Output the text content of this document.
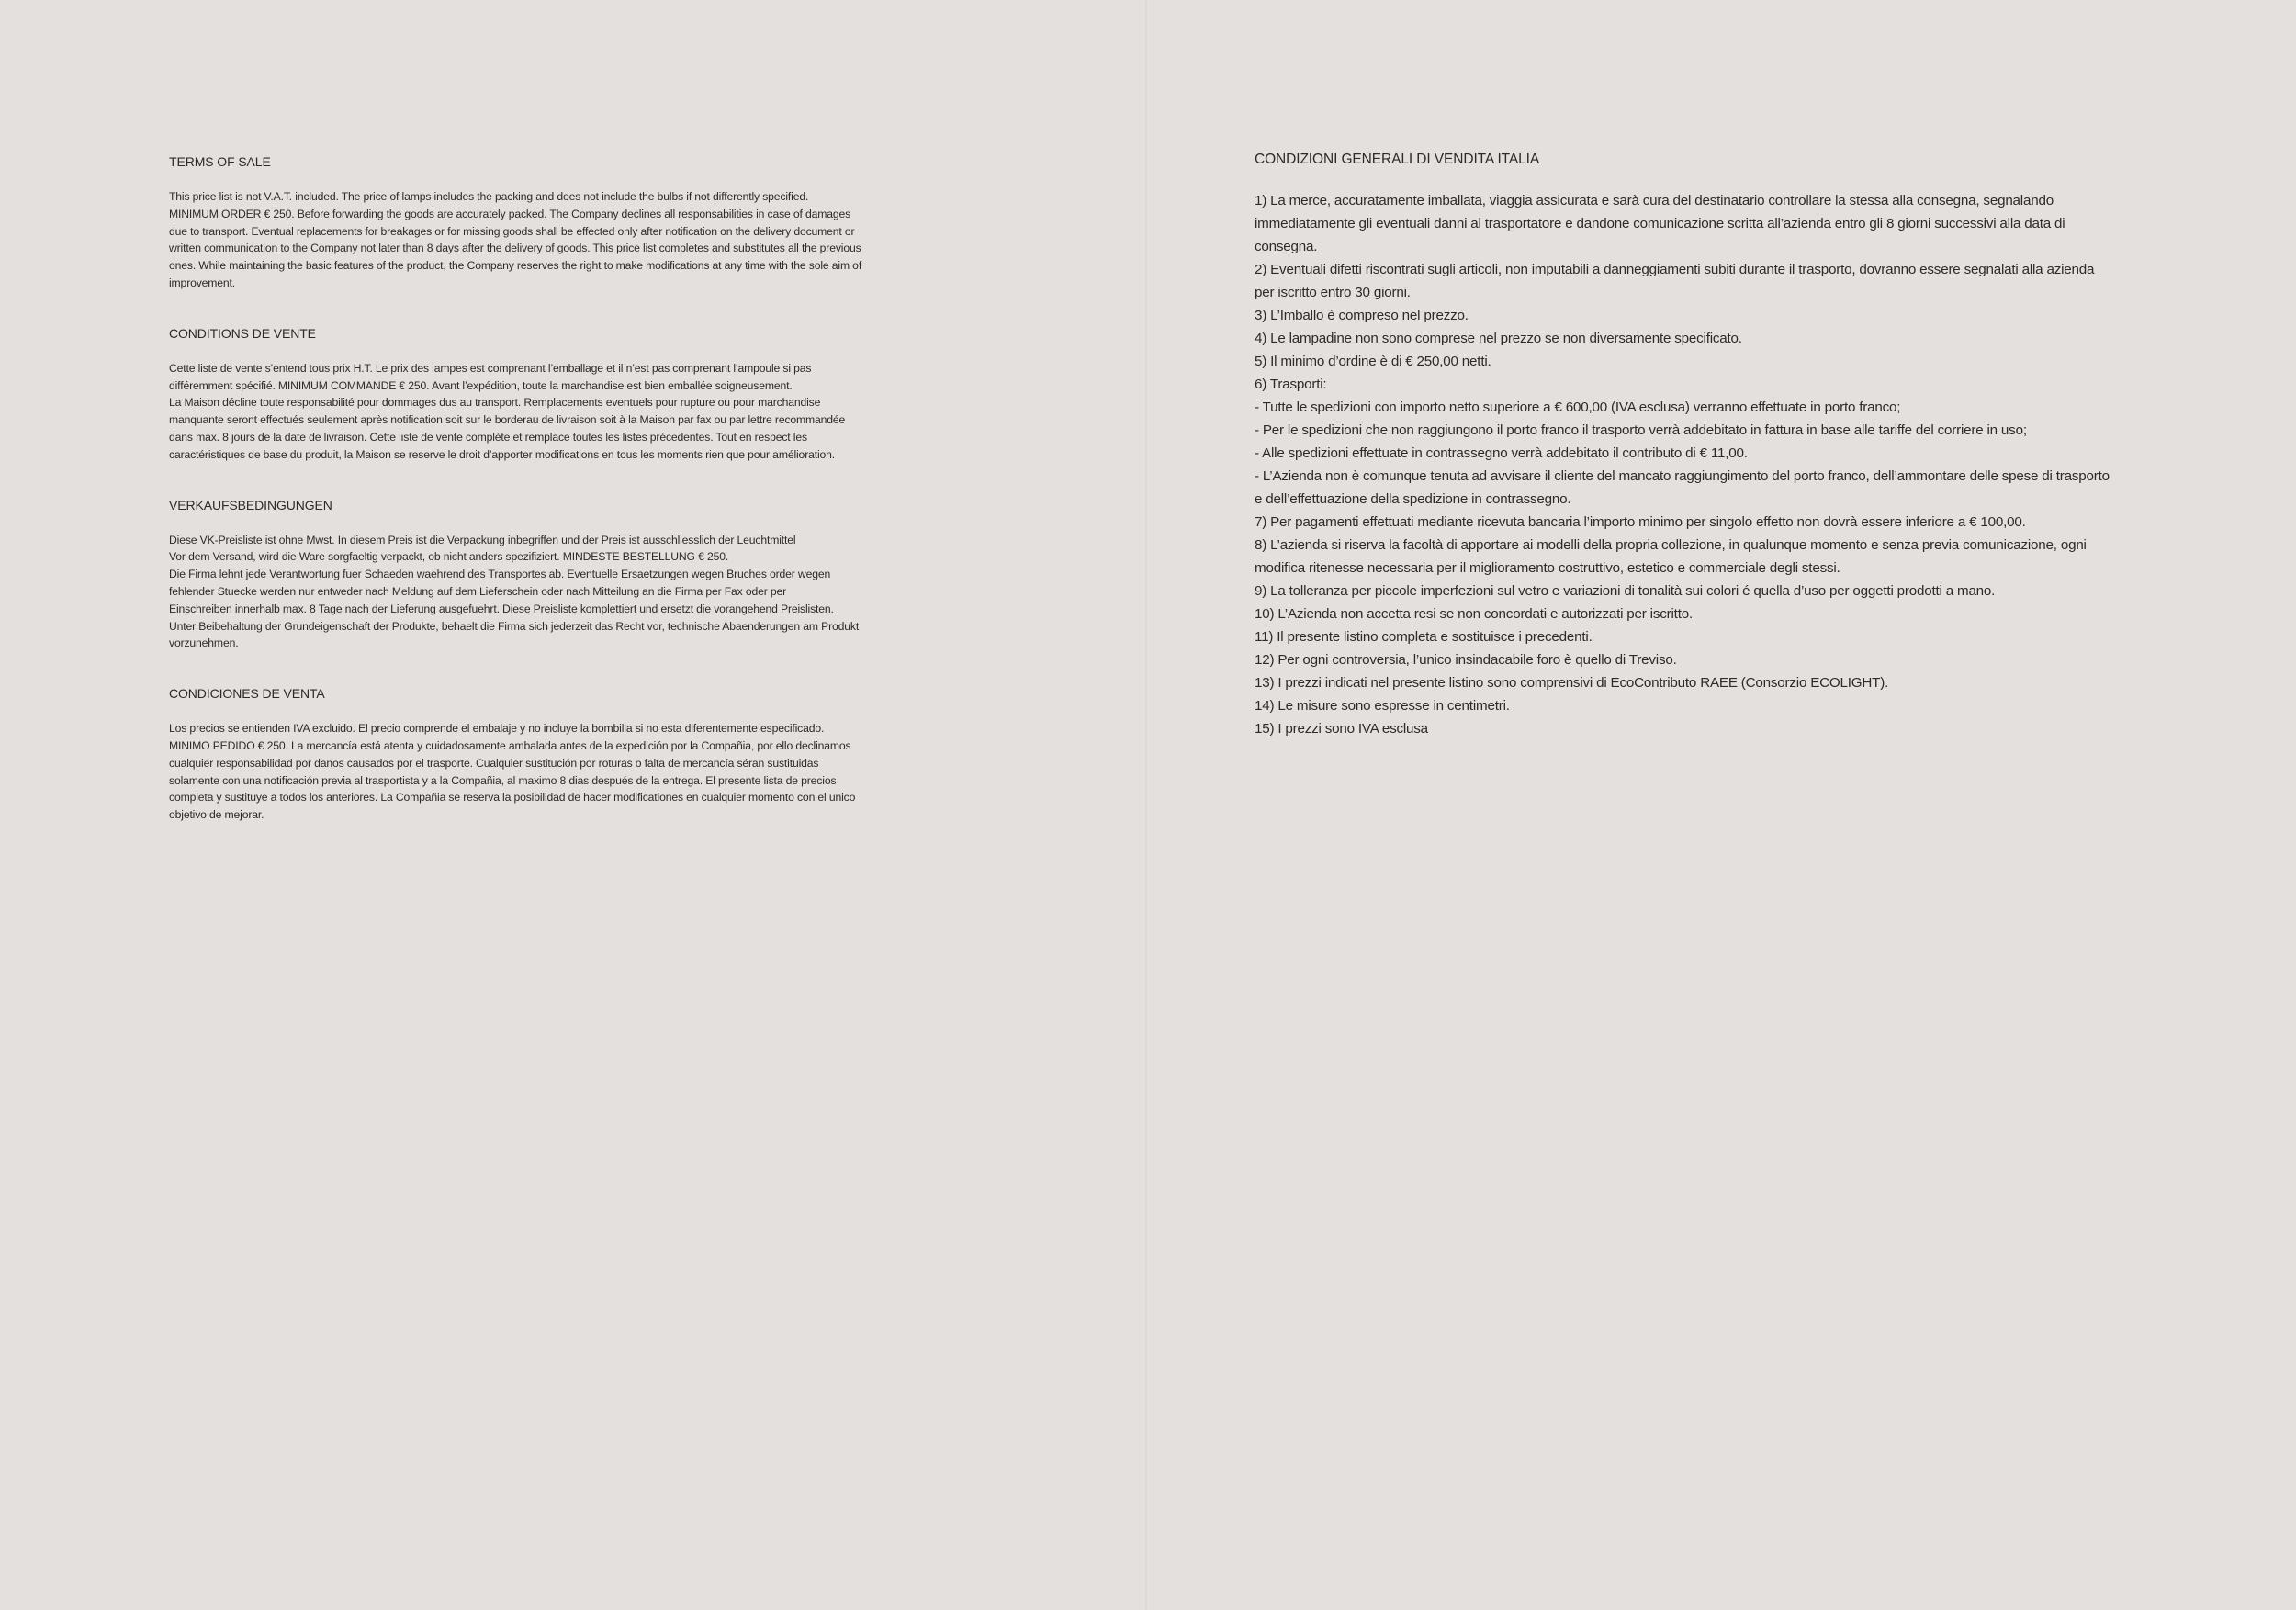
TERMS OF SALE
This price list is not V.A.T. included. The price of lamps includes the packing and does not include the bulbs if not differently specified.
MINIMUM ORDER € 250. Before forwarding the goods are accurately packed. The Company declines all responsabilities in case of damages
due to transport. Eventual replacements for breakages or for missing goods shall be effected only after notification on the delivery document or
written communication to the Company not later than 8 days after the delivery of goods. This price list completes and substitutes all the previous
ones. While maintaining the basic features of the product, the Company reserves the right to make modifications at any time with the sole aim of
improvement.
CONDITIONS DE VENTE
Cette liste de vente s’entend tous prix H.T. Le prix des lampes est comprenant l’emballage et il n’est pas comprenant l’ampoule si pas
différemment spécifié. MINIMUM COMMANDE € 250. Avant l’expédition, toute la marchandise est bien emballée soigneusement.
La Maison décline toute responsabilité pour dommages dus au transport. Remplacements eventuels pour rupture ou pour marchandise
manquante seront effectués seulement après notification soit sur le borderau de livraison soit à la Maison par fax ou par lettre recommandée
dans max. 8 jours de la date de livraison. Cette liste de vente complète et remplace toutes les listes précedentes. Tout en respect les
caractéristiques de base du produit, la Maison se reserve le droit d’apporter modifications en tous les moments rien que pour amélioration.
VERKAUFSBEDINGUNGEN
Diese VK-Preisliste ist ohne Mwst. In diesem Preis ist die Verpackung inbegriffen und der Preis ist ausschliesslich der Leuchtmittel
Vor dem Versand, wird die Ware sorgfaeltig verpackt, ob nicht anders spezifiziert. MINDESTE BESTELLUNG € 250.
Die Firma lehnt jede Verantwortung fuer Schaeden waehrend des Transportes ab. Eventuelle Ersaetzungen wegen Bruches order wegen
fehlender Stuecke werden nur entweder nach Meldung auf dem Lieferschein oder nach Mitteilung an die Firma per Fax oder per
Einschreiben innerhalb max. 8 Tage nach der Lieferung ausgefuehrt. Diese Preisliste komplettiert und ersetzt die vorangehend Preislisten.
Unter Beibehaltung der Grundeigenschaft der Produkte, behaelt die Firma sich jederzeit das Recht vor, technische Abaenderungen am Produkt
vorzunehmen.
CONDICIONES DE VENTA
Los precios se entienden IVA excluido. El precio comprende el embalaje y no incluye la bombilla si no esta diferentemente especificado.
MINIMO PEDIDO € 250. La mercancía está atenta y cuidadosamente ambalada antes de la expedición por la Compañia, por ello declinamos
cualquier responsabilidad por danos causados por el trasporte. Cualquier sustitución por roturas o falta de mercancía séran sustituidas
solamente con una notificación previa al trasportista y a la Compañia, al maximo 8 dias después de la entrega. El presente lista de precios
completa y sustituye a todos los anteriores. La Compañia se reserva la posibilidad de hacer modificationes en cualquier momento con el unico
objetivo de mejorar.
CONDIZIONI GENERALI DI VENDITA ITALIA
1) La merce, accuratamente imballata, viaggia assicurata e sarà cura del destinatario controllare la stessa alla consegna, segnalando
immediatamente gli eventuali danni al trasportatore e dandone comunicazione scritta all’azienda entro gli 8 giorni successivi alla data di
consegna.
2) Eventuali difetti riscontrati sugli articoli, non imputabili a danneggiamenti subiti durante il trasporto, dovranno essere segnalati alla azienda
per iscritto entro 30 giorni.
3) L’Imballo è compreso nel prezzo.
4) Le lampadine non sono comprese nel prezzo se non diversamente specificato.
5) Il minimo d’ordine è di € 250,00 netti.
6) Trasporti:
- Tutte le spedizioni con importo netto superiore a € 600,00 (IVA esclusa) verranno effettuate in porto franco;
- Per le spedizioni che non raggiungono il porto franco il trasporto verrà addebitato in fattura in base alle tariffe del corriere in uso;
- Alle spedizioni effettuate in contrassegno verrà addebitato il contributo di € 11,00.
- L’Azienda non è comunque tenuta ad avvisare il cliente del mancato raggiungimento del porto franco, dell’ammontare delle spese di trasporto
e dell’effettuazione della spedizione in contrassegno.
7) Per pagamenti effettuati mediante ricevuta bancaria l’importo minimo per singolo effetto non dovrà essere inferiore a € 100,00.
8) L’azienda si riserva la facoltà di apportare ai modelli della propria collezione, in qualunque momento e senza previa comunicazione, ogni
modifica ritenesse necessaria per il miglioramento costruttivo, estetico e commerciale degli stessi.
9) La tolleranza per piccole imperfezioni sul vetro e variazioni di tonalità sui colori é quella d’uso per oggetti prodotti a mano.
10) L’Azienda non accetta resi se non concordati e autorizzati per iscritto.
11) Il presente listino completa e sostituisce i precedenti.
12) Per ogni controversia, l’unico insindacabile foro è quello di Treviso.
13) I prezzi indicati nel presente listino sono comprensivi di EcoContributo RAEE (Consorzio ECOLIGHT).
14) Le misure sono espresse in centimetri.
15) I prezzi sono IVA esclusa
